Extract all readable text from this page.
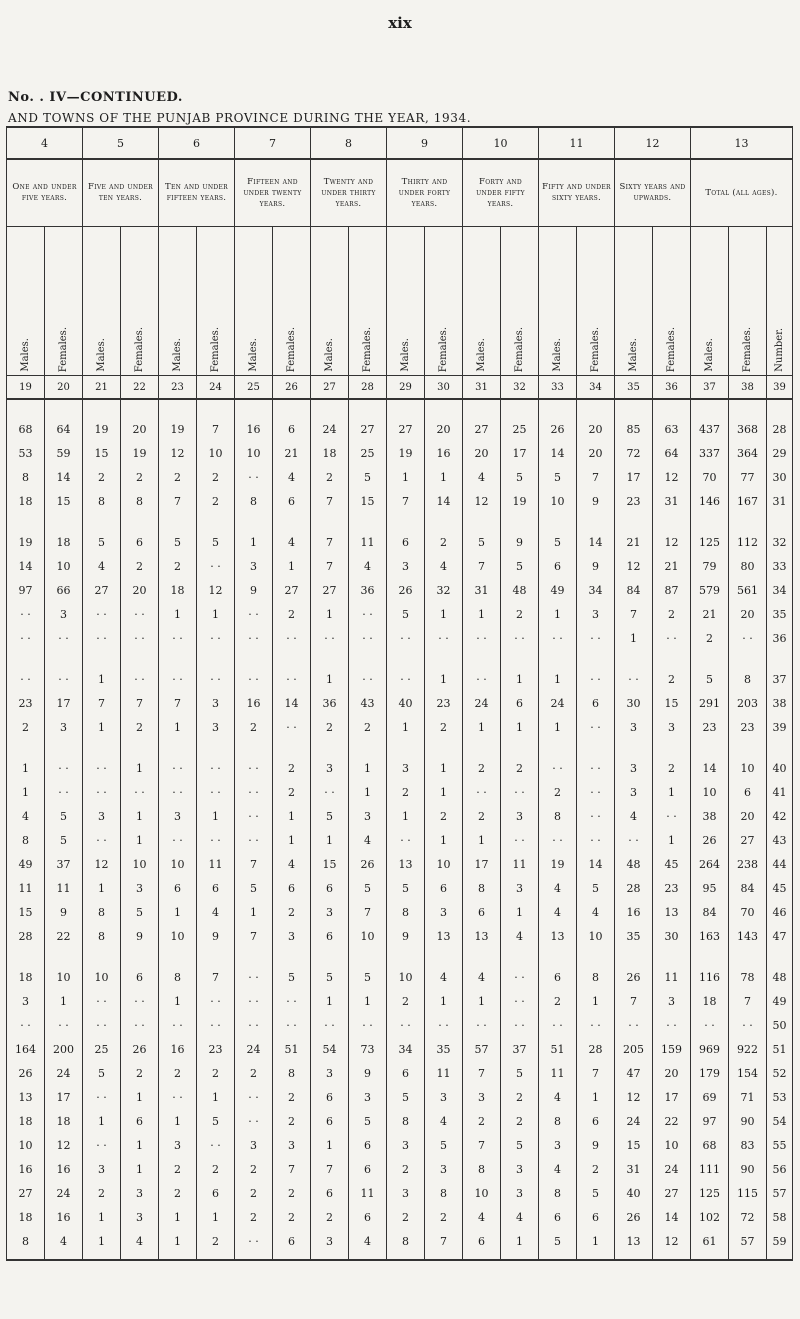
xix
No. . IV—CONTINUED.
AND TOWNS OF THE PUNJAB PROVINCE DURING THE YEAR, 1934.
4		5		6		7		8		9		10		11		12		13		
One and under five years.		Five and under ten years.		Ten and under fifteen years.		Fifteen and under twenty years.		Twenty and under thirty years.		Thirty and under forty years.		Forty and under fifty years.		Fifty and under sixty years.		Sixty years and upwards.		Total (all ages).		
Males.	Females.	Males.	Females.	Males.	Females.	Males.	Females.	Males.	Females.	Males.	Females.	Males.	Females.	Males.	Females.	Males.	Females.	Males.	Females.	Number.
19	20	21	22	23	24	25	26	27	28	29	30	31	32	33	34	35	36	37	38	39

68	64	19	20	19	7	16	6	24	27	27	20	27	25	26	20	85	63	437	368	28
53	59	15	19	12	10	10	21	18	25	19	16	20	17	14	20	72	64	337	364	29
8	14	2	2	2	2	· ·	4	2	5	1	1	4	5	5	7	17	12	70	77	30
18	15	8	8	7	2	8	6	7	15	7	14	12	19	10	9	23	31	146	167	31

19	18	5	6	5	5	1	4	7	11	6	2	5	9	5	14	21	12	125	112	32
14	10	4	2	2	· ·	3	1	7	4	3	4	7	5	6	9	12	21	79	80	33
97	66	27	20	18	12	9	27	27	36	26	32	31	48	49	34	84	87	579	561	34
· ·	3	· ·	· ·	1	1	· ·	2	1	· ·	5	1	1	2	1	3	7	2	21	20	35
· ·	· ·	· ·	· ·	· ·	· ·	· ·	· ·	· ·	· ·	· ·	· ·	· ·	· ·	· ·	· ·	1	· ·	2	· ·	36

· ·	· ·	1	· ·	· ·	· ·	· ·	· ·	1	· ·	· ·	1	· ·	1	1	· ·	· ·	2	5	8	37
23	17	7	7	7	3	16	14	36	43	40	23	24	6	24	6	30	15	291	203	38
2	3	1	2	1	3	2	· ·	2	2	1	2	1	1	1	· ·	3	3	23	23	39

1	· ·	· ·	1	· ·	· ·	· ·	2	3	1	3	1	2	2	· ·	· ·	3	2	14	10	40
1	· ·	· ·	· ·	· ·	· ·	· ·	2	· ·	1	2	1	· ·	· ·	2	· ·	3	1	10	6	41
4	5	3	1	3	1	· ·	1	5	3	1	2	2	3	8	· ·	4	· ·	38	20	42
8	5	· ·	1	· ·	· ·	· ·	1	1	4	· ·	1	1	· ·	· ·	· ·	· ·	1	26	27	43
49	37	12	10	10	11	7	4	15	26	13	10	17	11	19	14	48	45	264	238	44
11	11	1	3	6	6	5	6	6	5	5	6	8	3	4	5	28	23	95	84	45
15	9	8	5	1	4	1	2	3	7	8	3	6	1	4	4	16	13	84	70	46
28	22	8	9	10	9	7	3	6	10	9	13	13	4	13	10	35	30	163	143	47

18	10	10	6	8	7	· ·	5	5	5	10	4	4	· ·	6	8	26	11	116	78	48
3	1	· ·	· ·	1	· ·	· ·	· ·	1	1	2	1	1	· ·	2	1	7	3	18	7	49
· ·	· ·	· ·	· ·	· ·	· ·	· ·	· ·	· ·	· ·	· ·	· ·	· ·	· ·	· ·	· ·	· ·	· ·	· ·	· ·	50
164	200	25	26	16	23	24	51	54	73	34	35	57	37	51	28	205	159	969	922	51
26	24	5	2	2	2	2	8	3	9	6	11	7	5	11	7	47	20	179	154	52
13	17	· ·	1	· ·	1	· ·	2	6	3	5	3	3	2	4	1	12	17	69	71	53
18	18	1	6	1	5	· ·	2	6	5	8	4	2	2	8	6	24	22	97	90	54
10	12	· ·	1	3	· ·	3	3	1	6	3	5	7	5	3	9	15	10	68	83	55
16	16	3	1	2	2	2	7	7	6	2	3	8	3	4	2	31	24	111	90	56
27	24	2	3	2	6	2	2	6	11	3	8	10	3	8	5	40	27	125	115	57
18	16	1	3	1	1	2	2	2	6	2	2	4	4	6	6	26	14	102	72	58
8	4	1	4	1	2	· ·	6	3	4	8	7	6	1	5	1	13	12	61	57	59
